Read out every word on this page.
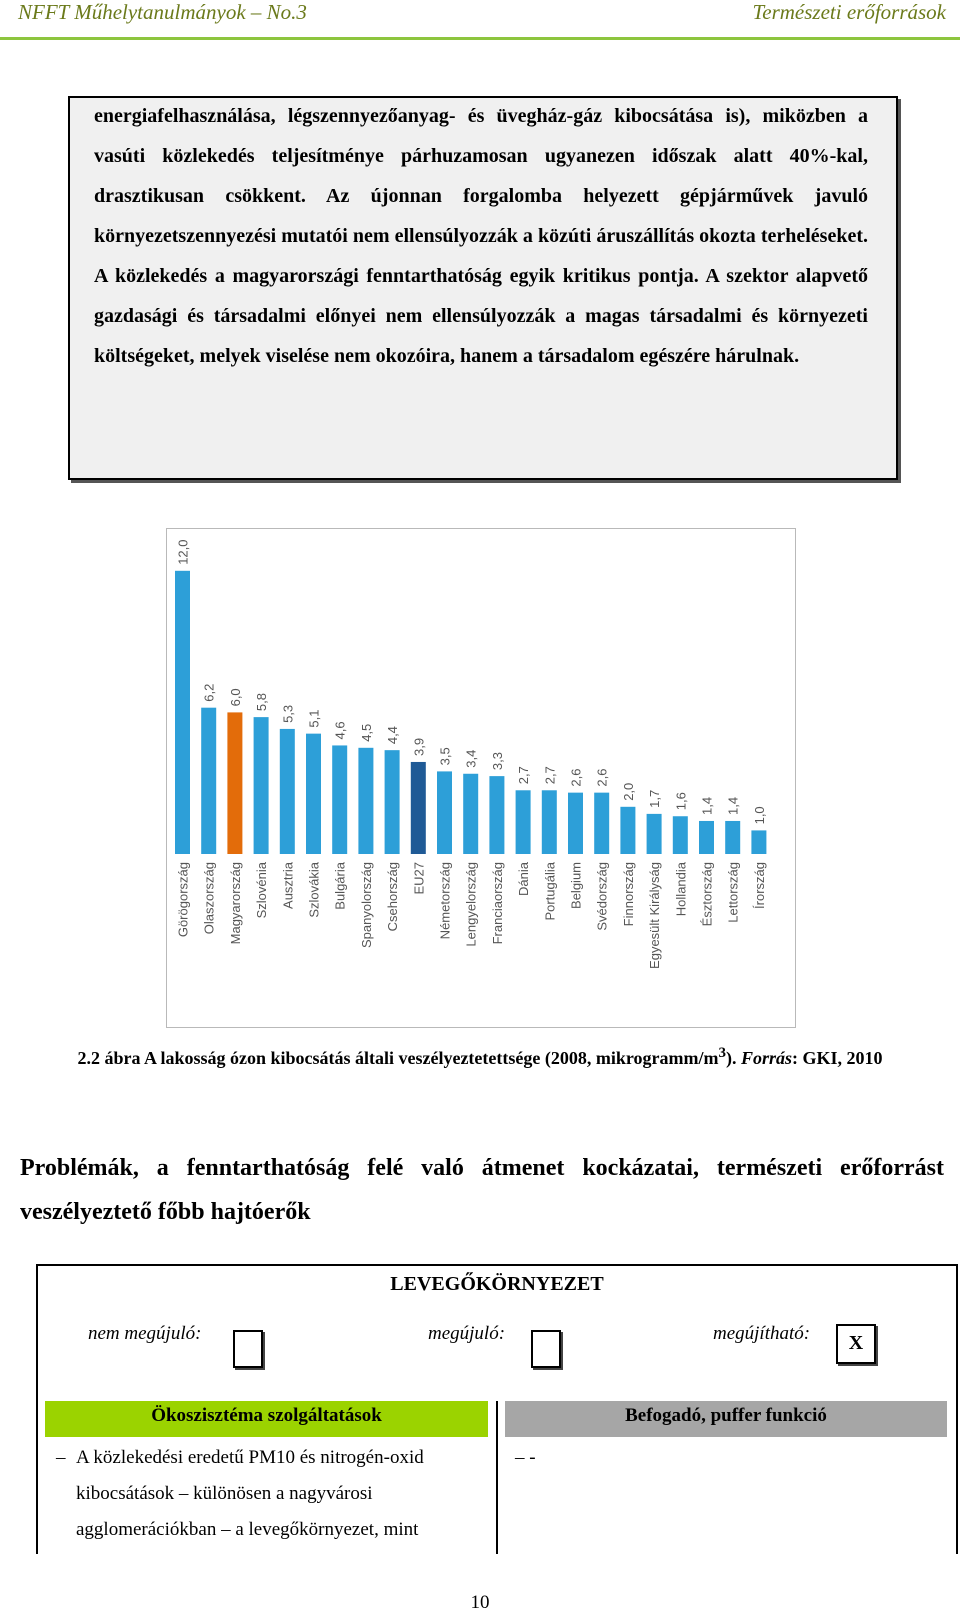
NFFT Műhelytanulmányok – No.3	Természeti erőforrások
energiafelhasználása, légszennyezőanyag- és üvegház-gáz kibocsátása is), miközben a vasúti közlekedés teljesítménye párhuzamosan ugyanezen időszak alatt 40%-kal, drasztikusan csökkent. Az újonnan forgalomba helyezett gépjárművek javuló környezetszennyezési mutatói nem ellensúlyozzák a közúti áruszállítás okozta terheléseket. A közlekedés a magyarországi fenntarthatóság egyik kritikus pontja. A szektor alapvető gazdasági és társadalmi előnyei nem ellensúlyozzák a magas társadalmi és környezeti költségeket, melyek viselése nem okozóira, hanem a társadalom egészére hárulnak.
12,0
Görögország
6,2
Olaszország
6,0
Magyarország
5,8
Szlovénia
5,3
Ausztria
5,1
Szlovákia
4,6
Bulgária
4,5
Spanyolország
4,4
Csehország
3,9
EU27
3,5
Németország
3,4
Lengyelország
3,3
Franciaország
2,7
Dánia
2,7
Portugália
2,6
Belgium
2,6
Svédország
2,0
Finnország
1,7
Egyesült Királyság
1,6
Hollandia
1,4
Észtország
1,4
Lettország
1,0
Írország
2.2 ábra A lakosság ózon kibocsátás általi veszélyeztetettsége (2008, mikrogramm/$m^3$). Forrás: GKI, 2010
Problémák, a fenntarthatóság felé való átmenet kockázatai, természeti erőforrást veszélyeztető főbb hajtóerők
LEVEGŐKÖRNYEZET
nem megújuló:	megújuló:	megújítható:	X
Ökoszisztéma szolgáltatások	Befogadó, puffer funkció
– A közlekedési eredetű PM10 és nitrogén-oxid kibocsátások – különösen a nagyvárosi agglomerációkban – a levegőkörnyezet, mint
– -
10
